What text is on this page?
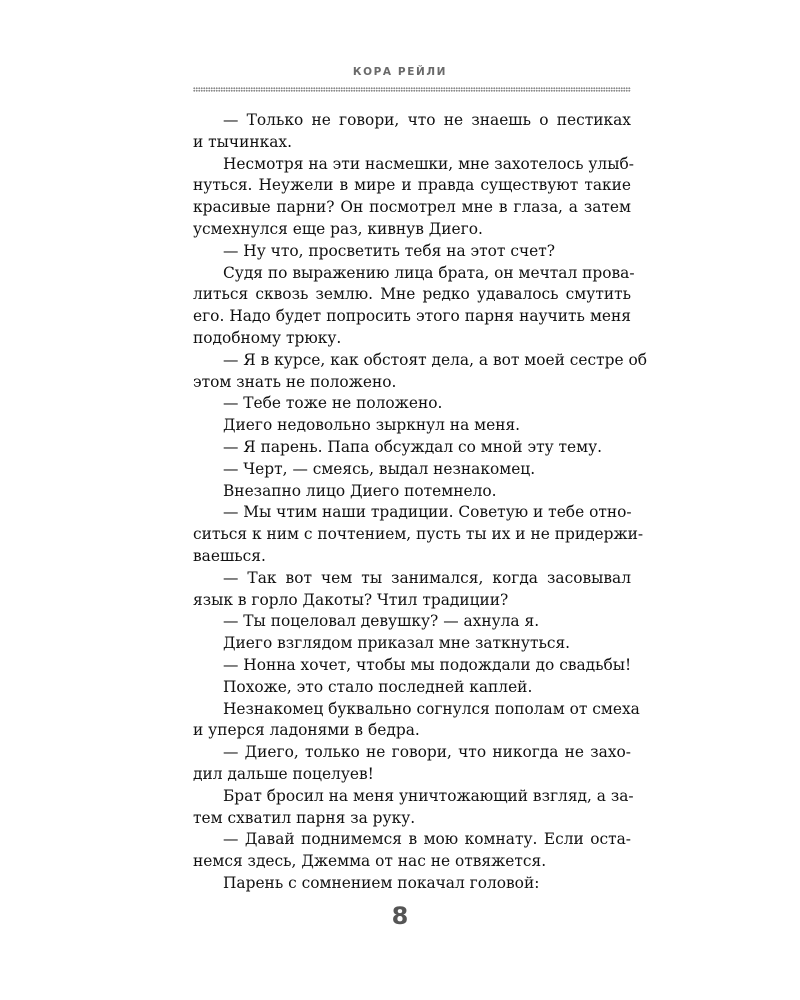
КОРА РЕЙЛИ
— Только не говори, что не знаешь о пестиках
и тычинках.
Несмотря на эти насмешки, мне захотелось улыб-
нуться. Неужели в мире и правда существуют такие
красивые парни? Он посмотрел мне в глаза, а затем
усмехнулся еще раз, кивнув Диего.
— Ну что, просветить тебя на этот счет?
Судя по выражению лица брата, он мечтал прова-
литься сквозь землю. Мне редко удавалось смутить
его. Надо будет попросить этого парня научить меня
подобному трюку.
— Я в курсе, как обстоят дела, а вот моей сестре об
этом знать не положено.
— Тебе тоже не положено.
Диего недовольно зыркнул на меня.
— Я парень. Папа обсуждал со мной эту тему.
— Черт, — смеясь, выдал незнакомец.
Внезапно лицо Диего потемнело.
— Мы чтим наши традиции. Советую и тебе отно-
ситься к ним с почтением, пусть ты их и не придержи-
ваешься.
— Так вот чем ты занимался, когда засовывал
язык в горло Дакоты? Чтил традиции?
— Ты поцеловал девушку? — ахнула я.
Диего взглядом приказал мне заткнуться.
— Нонна хочет, чтобы мы подождали до свадьбы!
Похоже, это стало последней каплей.
Незнакомец буквально согнулся пополам от смеха
и уперся ладонями в бедра.
— Диего, только не говори, что никогда не захо-
дил дальше поцелуев!
Брат бросил на меня уничтожающий взгляд, а за-
тем схватил парня за руку.
— Давай поднимемся в мою комнату. Если оста-
немся здесь, Джемма от нас не отвяжется.
Парень с сомнением покачал головой:
8
